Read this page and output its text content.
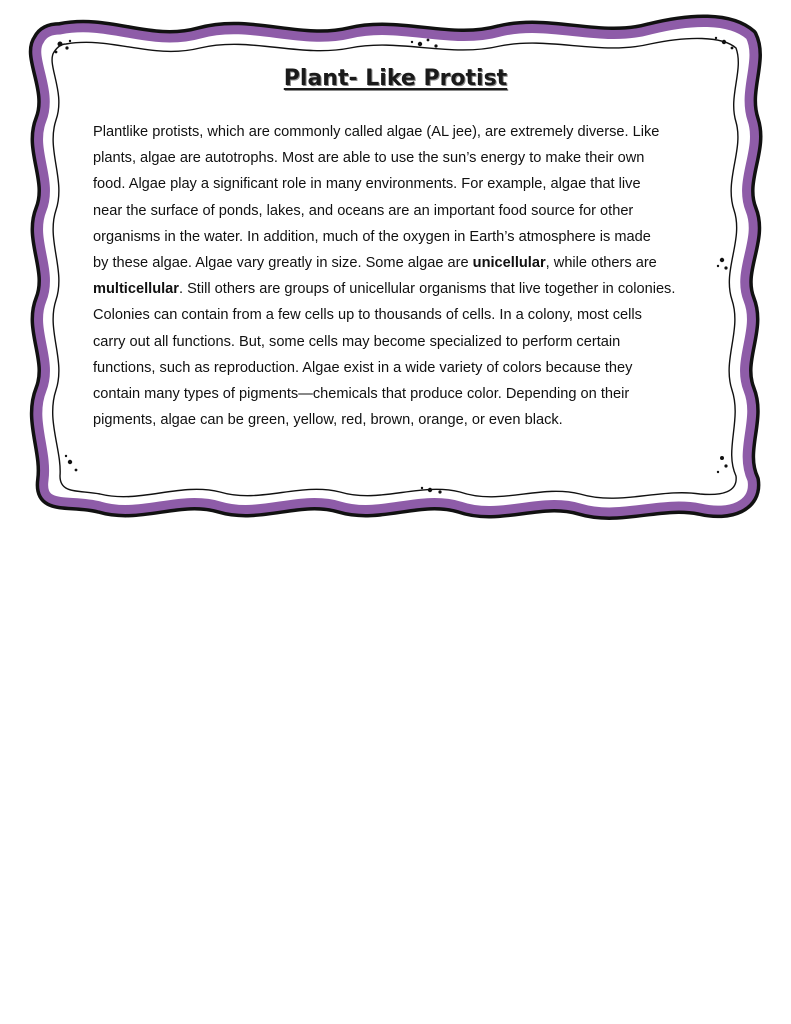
Plant- Like Protist

Plantlike protists, which are commonly called algae (AL jee), are extremely diverse. Like
plants, algae are autotrophs. Most are able to use the sun’s energy to make their own
food. Algae play a significant role in many environments. For example, algae that live
near the surface of ponds, lakes, and oceans are an important food source for other
organisms in the water. In addition, much of the oxygen in Earth’s atmosphere is made
by these algae. Algae vary greatly in size. Some algae are unicellular, while others are
multicellular. Still others are groups of unicellular organisms that live together in colonies.
Colonies can contain from a few cells up to thousands of cells. In a colony, most cells
carry out all functions. But, some cells may become specialized to perform certain
functions, such as reproduction. Algae exist in a wide variety of colors because they
contain many types of pigments—chemicals that produce color. Depending on their
pigments, algae can be green, yellow, red, brown, orange, or even black.
